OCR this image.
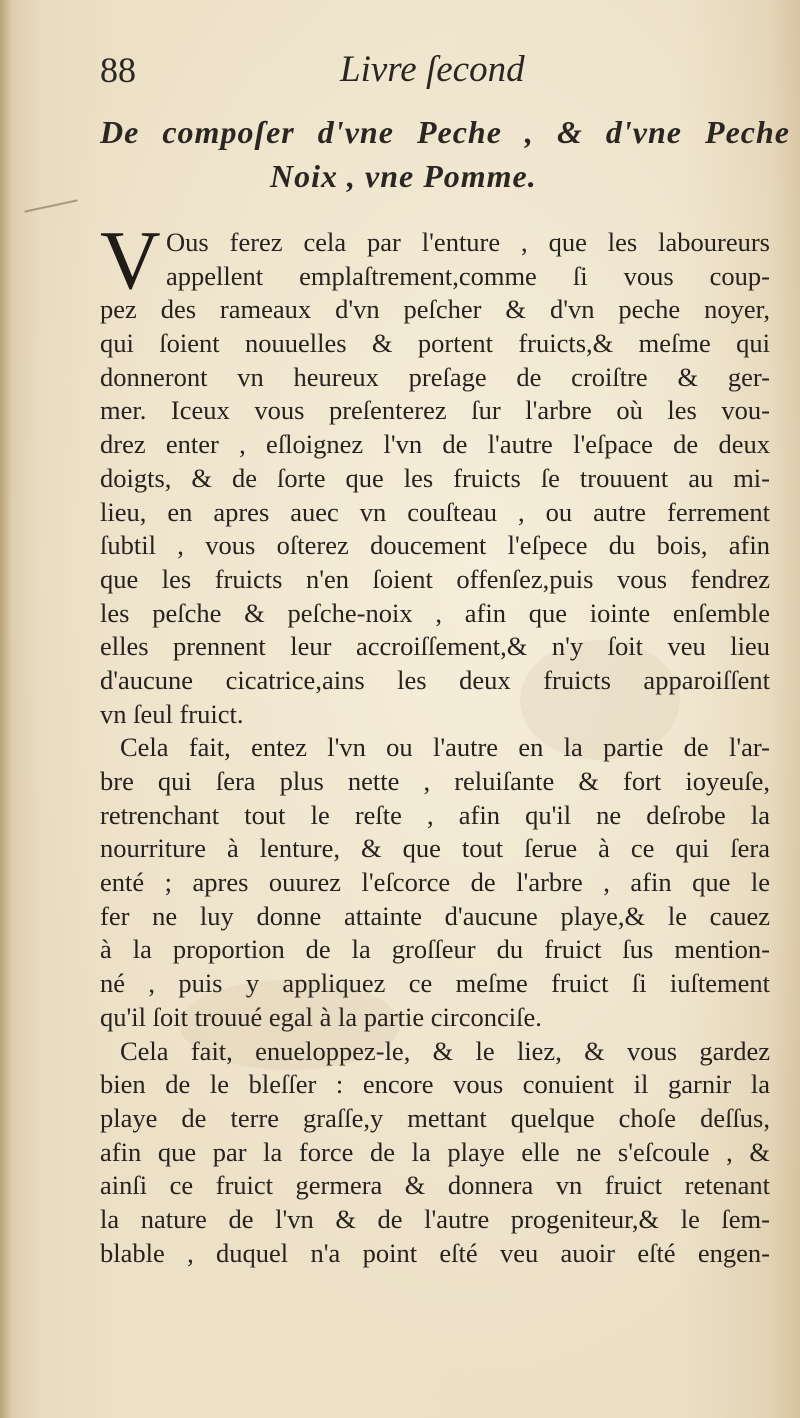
88	Livre ſecond
De compoſer d'vne Peche , & d'vne Peche
Noix , vne Pomme.
V Ous ferez cela par l'enture , que les laboureurs
appellent emplaſtrement,comme ſi vous coup-
pez des rameaux d'vn peſcher & d'vn peche noyer,
qui ſoient nouuelles & portent fruicts,& meſme qui
donneront vn heureux preſage de croiſtre & ger-
mer. Iceux vous preſenterez ſur l'arbre où les vou-
drez enter , eſloignez l'vn de l'autre l'eſpace de deux
doigts, & de ſorte que les fruicts ſe trouuent au mi-
lieu, en apres auec vn couſteau , ou autre ferrement
ſubtil , vous oſterez doucement l'eſpece du bois, afin
que les fruicts n'en ſoient offenſez,puis vous fendrez
les peſche & peſche-noix , afin que iointe enſemble
elles prennent leur accroiſſement,& n'y ſoit veu lieu
d'aucune cicatrice,ains les deux fruicts apparoiſſent
vn ſeul fruict.
Cela fait, entez l'vn ou l'autre en la partie de l'ar-
bre qui ſera plus nette , reluiſante & fort ioyeuſe,
retrenchant tout le reſte , afin qu'il ne deſrobe la
nourriture à lenture, & que tout ſerue à ce qui ſera
enté ; apres ouurez l'eſcorce de l'arbre , afin que le
fer ne luy donne attainte d'aucune playe,& le cauez
à la proportion de la groſſeur du fruict ſus mention-
né , puis y appliquez ce meſme fruict ſi iuſtement
qu'il ſoit trouué egal à la partie circonciſe.
Cela fait, enueloppez-le, & le liez, & vous gardez
bien de le bleſſer : encore vous conuient il garnir la
playe de terre graſſe,y mettant quelque choſe deſſus,
afin que par la force de la playe elle ne s'eſcoule , &
ainſi ce fruict germera & donnera vn fruict retenant
la nature de l'vn & de l'autre progeniteur,& le ſem-
blable , duquel n'a point eſté veu auoir eſté engen-
